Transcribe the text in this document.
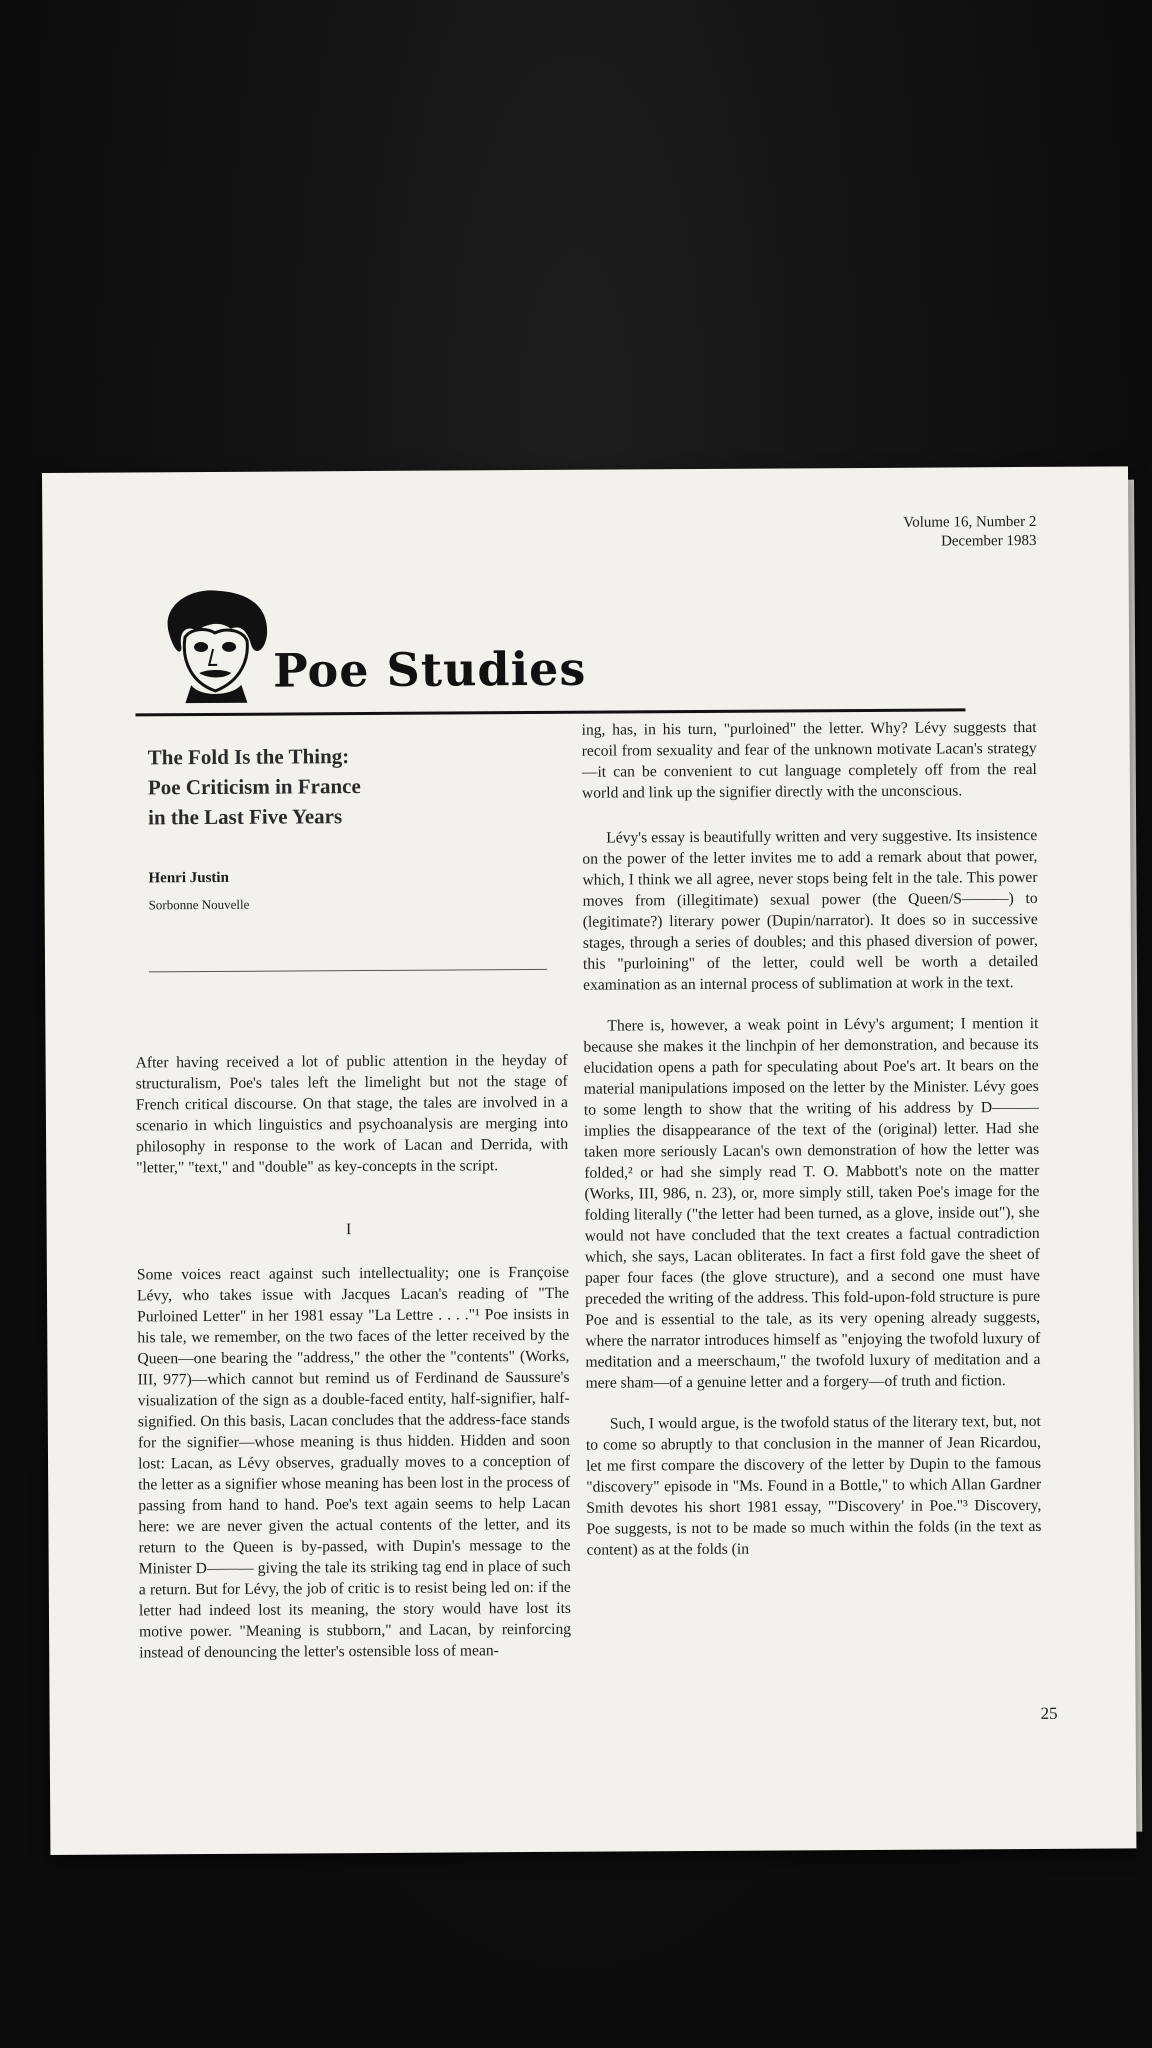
Volume 16, Number 2
December 1983
Poe Studies
The Fold Is the Thing:
Poe Criticism in France
in the Last Five Years
Henri Justin
Sorbonne Nouvelle

After having received a lot of public attention in the heyday of structuralism, Poe's tales left the limelight but not the stage of French critical discourse. On that stage, the tales are involved in a scenario in which linguistics and psychoanalysis are merging into philosophy in response to the work of Lacan and Derrida, with "letter," "text," and "double" as key-concepts in the script.

I

Some voices react against such intellectuality; one is Françoise Lévy, who takes issue with Jacques Lacan's reading of "The Purloined Letter" in her 1981 essay "La Lettre . . . ."¹ Poe insists in his tale, we remember, on the two faces of the letter received by the Queen—one bearing the "address," the other the "contents" (Works, III, 977)—which cannot but remind us of Ferdinand de Saussure's visualization of the sign as a double-faced entity, half-signifier, half-signified. On this basis, Lacan concludes that the address-face stands for the signifier—whose meaning is thus hidden. Hidden and soon lost: Lacan, as Lévy observes, gradually moves to a conception of the letter as a signifier whose meaning has been lost in the process of passing from hand to hand. Poe's text again seems to help Lacan here: we are never given the actual contents of the letter, and its return to the Queen is by-passed, with Dupin's message to the Minister D——— giving the tale its striking tag end in place of such a return. But for Lévy, the job of critic is to resist being led on: if the letter had indeed lost its meaning, the story would have lost its motive power. "Meaning is stubborn," and Lacan, by reinforcing instead of denouncing the letter's ostensible loss of mean-

ing, has, in his turn, "purloined" the letter. Why? Lévy suggests that recoil from sexuality and fear of the unknown motivate Lacan's strategy—it can be convenient to cut language completely off from the real world and link up the signifier directly with the unconscious.

Lévy's essay is beautifully written and very suggestive. Its insistence on the power of the letter invites me to add a remark about that power, which, I think we all agree, never stops being felt in the tale. This power moves from (illegitimate) sexual power (the Queen/S———) to (legitimate?) literary power (Dupin/narrator). It does so in successive stages, through a series of doubles; and this phased diversion of power, this "purloining" of the letter, could well be worth a detailed examination as an internal process of sublimation at work in the text.

There is, however, a weak point in Lévy's argument; I mention it because she makes it the linchpin of her demonstration, and because its elucidation opens a path for speculating about Poe's art. It bears on the material manipulations imposed on the letter by the Minister. Lévy goes to some length to show that the writing of his address by D——— implies the disappearance of the text of the (original) letter. Had she taken more seriously Lacan's own demonstration of how the letter was folded,² or had she simply read T. O. Mabbott's note on the matter (Works, III, 986, n. 23), or, more simply still, taken Poe's image for the folding literally ("the letter had been turned, as a glove, inside out"), she would not have concluded that the text creates a factual contradiction which, she says, Lacan obliterates. In fact a first fold gave the sheet of paper four faces (the glove structure), and a second one must have preceded the writing of the address. This fold-upon-fold structure is pure Poe and is essential to the tale, as its very opening already suggests, where the narrator introduces himself as "enjoying the twofold luxury of meditation and a meerschaum," the twofold luxury of meditation and a mere sham—of a genuine letter and a forgery—of truth and fiction.

Such, I would argue, is the twofold status of the literary text, but, not to come so abruptly to that conclusion in the manner of Jean Ricardou, let me first compare the discovery of the letter by Dupin to the famous "discovery" episode in "Ms. Found in a Bottle," to which Allan Gardner Smith devotes his short 1981 essay, "'Discovery' in Poe."³ Discovery, Poe suggests, is not to be made so much within the folds (in the text as content) as at the folds (in

25
